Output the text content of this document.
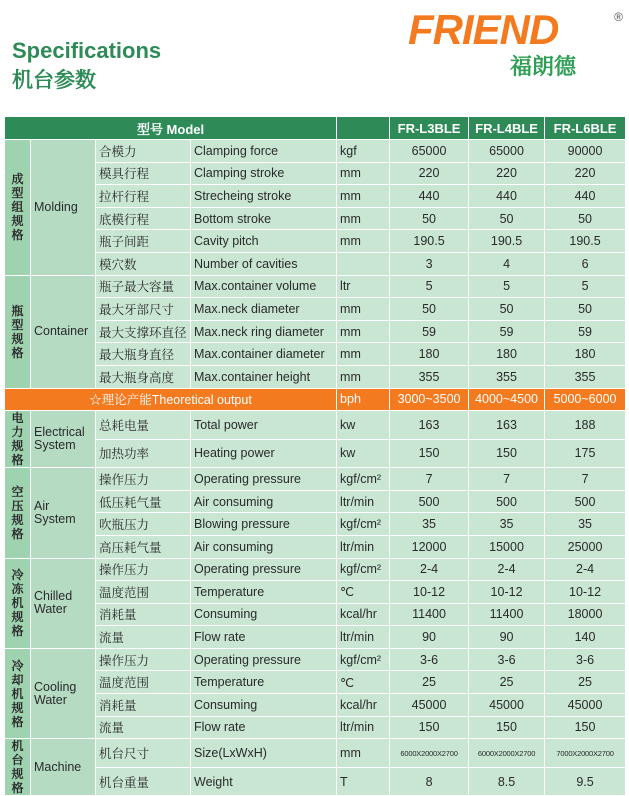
Specifications
机台参数
FRIEND	®
福朗德
型号 Model					FR-L3BLE	FR-L4BLE	FR-L6BLE
成型组规格	Molding	合模力	Clamping force	kgf	65000	65000	90000
		模具行程	Clamping stroke	mm	220	220	220
		拉杆行程	Strecheing stroke	mm	440	440	440
		底模行程	Bottom stroke	mm	50	50	50
		瓶子间距	Cavity pitch	mm	190.5	190.5	190.5
		模穴数	Number of cavities		3	4	6
瓶型规格	Container	瓶子最大容量	Max.container volume	ltr	5	5	5
		最大牙部尺寸	Max.neck diameter	mm	50	50	50
		最大支撑环直径	Max.neck ring diameter	mm	59	59	59
		最大瓶身直径	Max.container diameter	mm	180	180	180
		最大瓶身高度	Max.container height	mm	355	355	355
☆理论产能Theoretical output				bph	3000~3500	4000~4500	5000~6000
电力规格	Electrical System	总耗电量	Total power	kw	163	163	188
		加热功率	Heating power	kw	150	150	175
空压规格	Air System	操作压力	Operating pressure	kgf/cm²	7	7	7
		低压耗气量	Air consuming	ltr/min	500	500	500
		吹瓶压力	Blowing pressure	kgf/cm²	35	35	35
		高压耗气量	Air consuming	ltr/min	12000	15000	25000
冷冻机规格	Chilled Water	操作压力	Operating pressure	kgf/cm²	2-4	2-4	2-4
		温度范围	Temperature	℃	10-12	10-12	10-12
		消耗量	Consuming	kcal/hr	11400	11400	18000
		流量	Flow rate	ltr/min	90	90	140
冷却机规格	Cooling Water	操作压力	Operating pressure	kgf/cm²	3-6	3-6	3-6
		温度范围	Temperature	℃	25	25	25
		消耗量	Consuming	kcal/hr	45000	45000	45000
		流量	Flow rate	ltr/min	150	150	150
机台规格	Machine	机台尺寸	Size(LxWxH)	mm	6000X2000X2700	6000X2000X2700	7000X2000X2700
		机台重量	Weight	T	8	8.5	9.5
